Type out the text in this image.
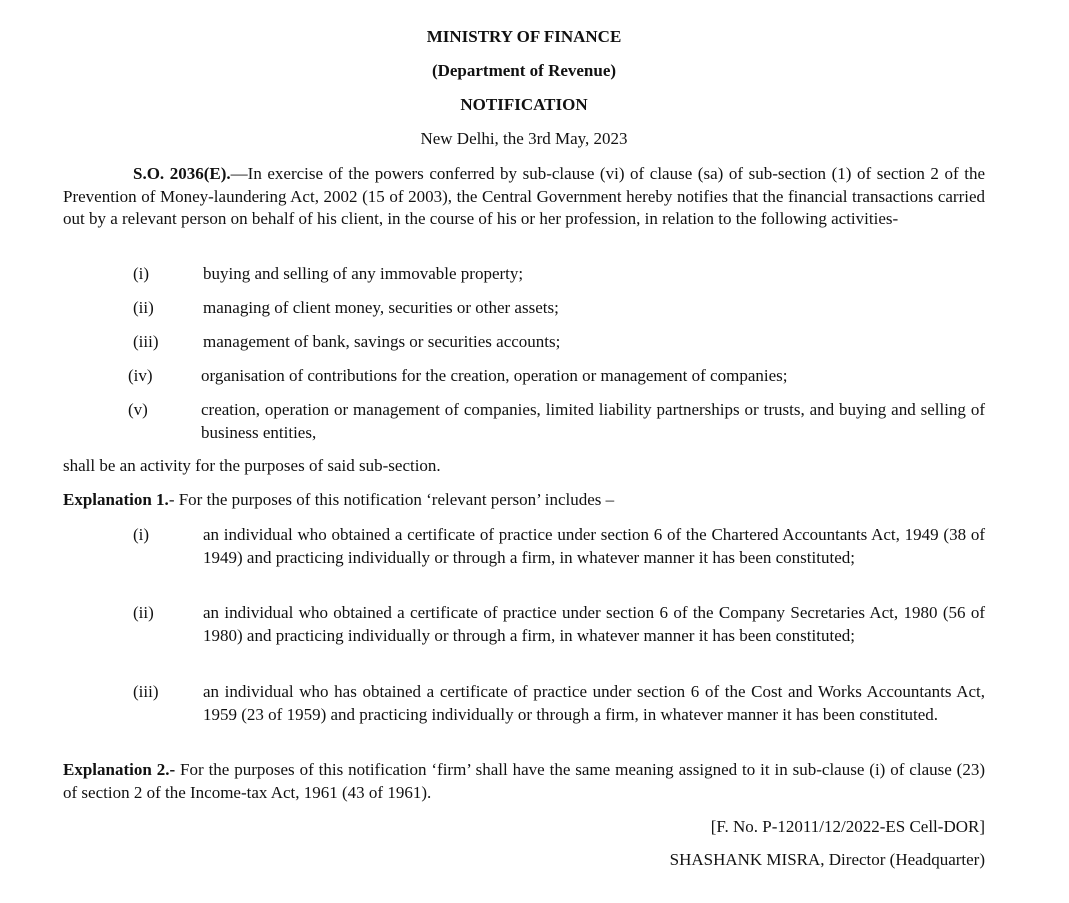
MINISTRY OF FINANCE
(Department of Revenue)
NOTIFICATION
New Delhi, the 3rd May, 2023

S.O. 2036(E).—In exercise of the powers conferred by sub-clause (vi) of clause (sa) of sub-section (1) of section 2 of the Prevention of Money-laundering Act, 2002 (15 of 2003), the Central Government hereby notifies that the financial transactions carried out by a relevant person on behalf of his client, in the course of his or her profession, in relation to the following activities-

(i)	buying and selling of any immovable property;
(ii)	managing of client money, securities or other assets;
(iii)	management of bank, savings or securities accounts;
(iv)	organisation of contributions for the creation, operation or management of companies;
(v)	creation, operation or management of companies, limited liability partnerships or trusts, and buying and selling of business entities,

shall be an activity for the purposes of said sub-section.

Explanation 1.- For the purposes of this notification ‘relevant person’ includes –

(i)	an individual who obtained a certificate of practice under section 6 of the Chartered Accountants Act, 1949 (38 of 1949) and practicing individually or through a firm, in whatever manner it has been constituted;
(ii)	an individual who obtained a certificate of practice under section 6 of the Company Secretaries Act, 1980 (56 of 1980) and practicing individually or through a firm, in whatever manner it has been constituted;
(iii)	an individual who has obtained a certificate of practice under section 6 of the Cost and Works Accountants Act, 1959 (23 of 1959) and practicing individually or through a firm, in whatever manner it has been constituted.

Explanation 2.- For the purposes of this notification ‘firm’ shall have the same meaning assigned to it in sub-clause (i) of clause (23) of section 2 of the Income-tax Act, 1961 (43 of 1961).

[F. No. P-12011/12/2022-ES Cell-DOR]
SHASHANK MISRA, Director (Headquarter)
